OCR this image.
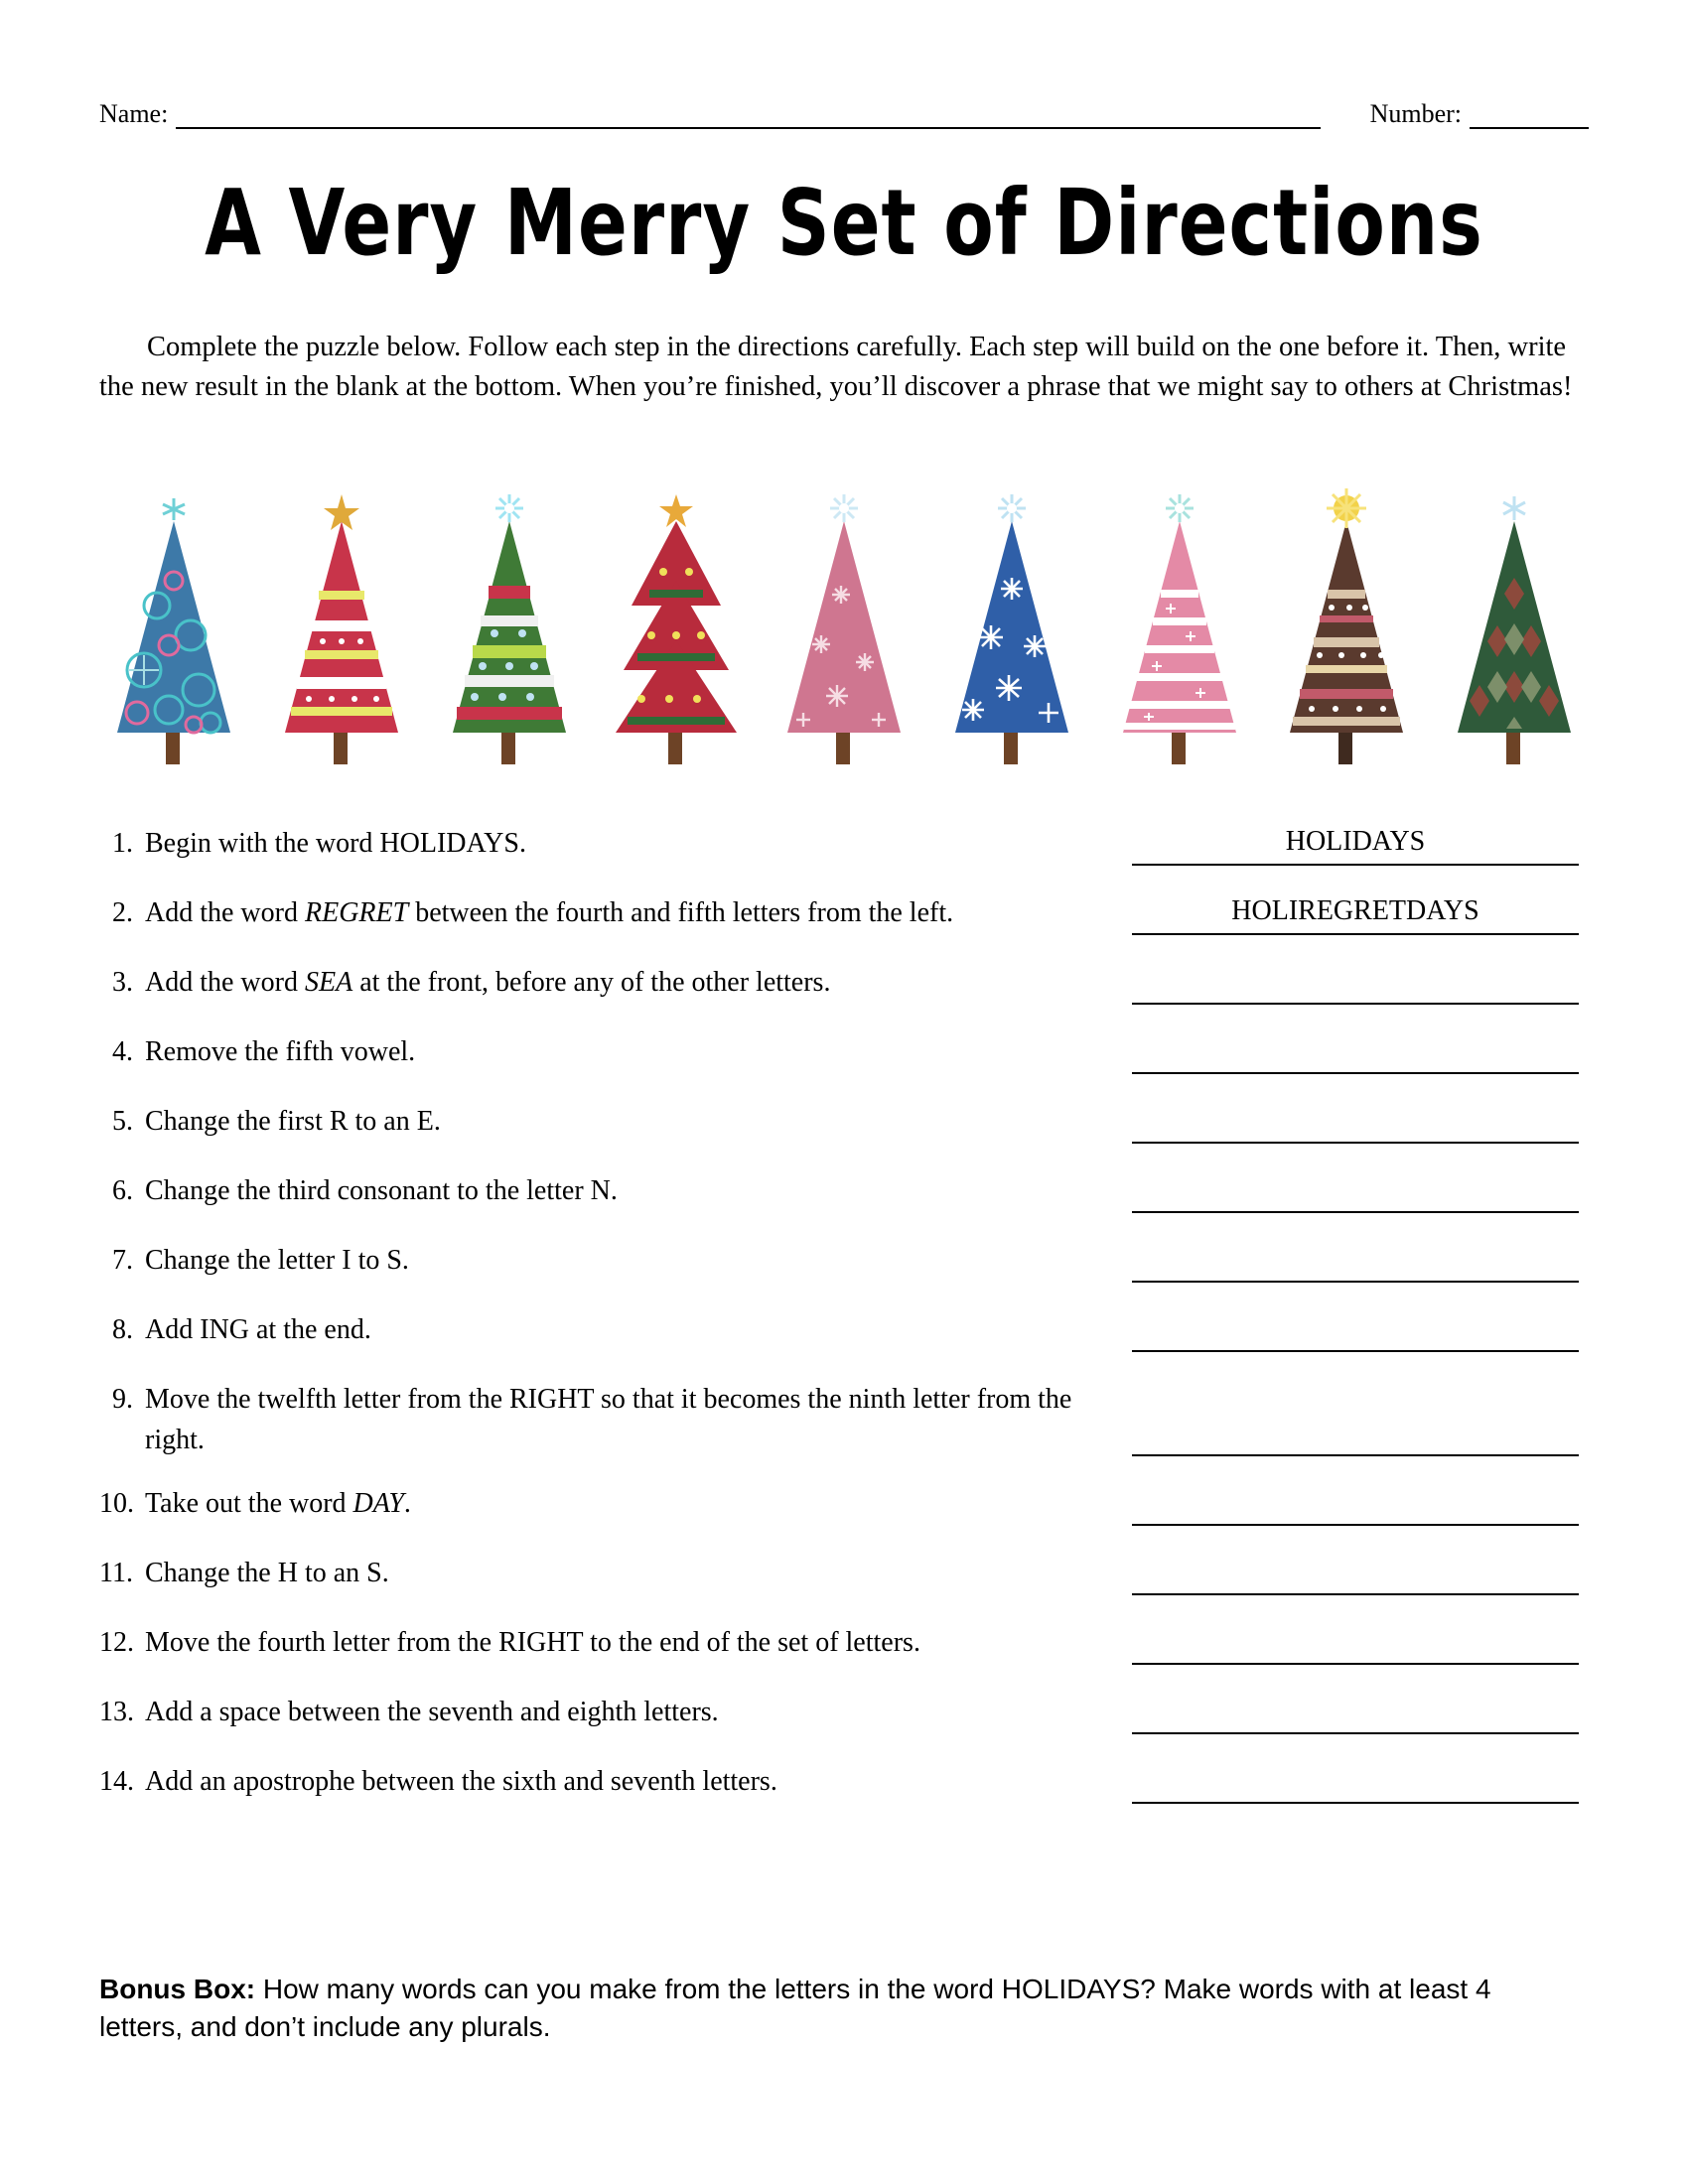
Name:	Number:
A Very Merry Set of Directions
Complete the puzzle below. Follow each step in the directions carefully. Each step will build on the one before it. Then, write the new result in the blank at the bottom. When you’re finished, you’ll discover a phrase that we might say to others at Christmas!
1. Begin with the word HOLIDAYS.	HOLIDAYS
2. Add the word REGRET between the fourth and fifth letters from the left.	HOLIREGRETDAYS
3. Add the word SEA at the front, before any of the other letters.
4. Remove the fifth vowel.
5. Change the first R to an E.
6. Change the third consonant to the letter N.
7. Change the letter I to S.
8. Add ING at the end.
9. Move the twelfth letter from the RIGHT so that it becomes the ninth letter from the right.
10. Take out the word DAY.
11. Change the H to an S.
12. Move the fourth letter from the RIGHT to the end of the set of letters.
13. Add a space between the seventh and eighth letters.
14. Add an apostrophe between the sixth and seventh letters.
Bonus Box: How many words can you make from the letters in the word HOLIDAYS? Make words with at least 4 letters, and don’t include any plurals.
